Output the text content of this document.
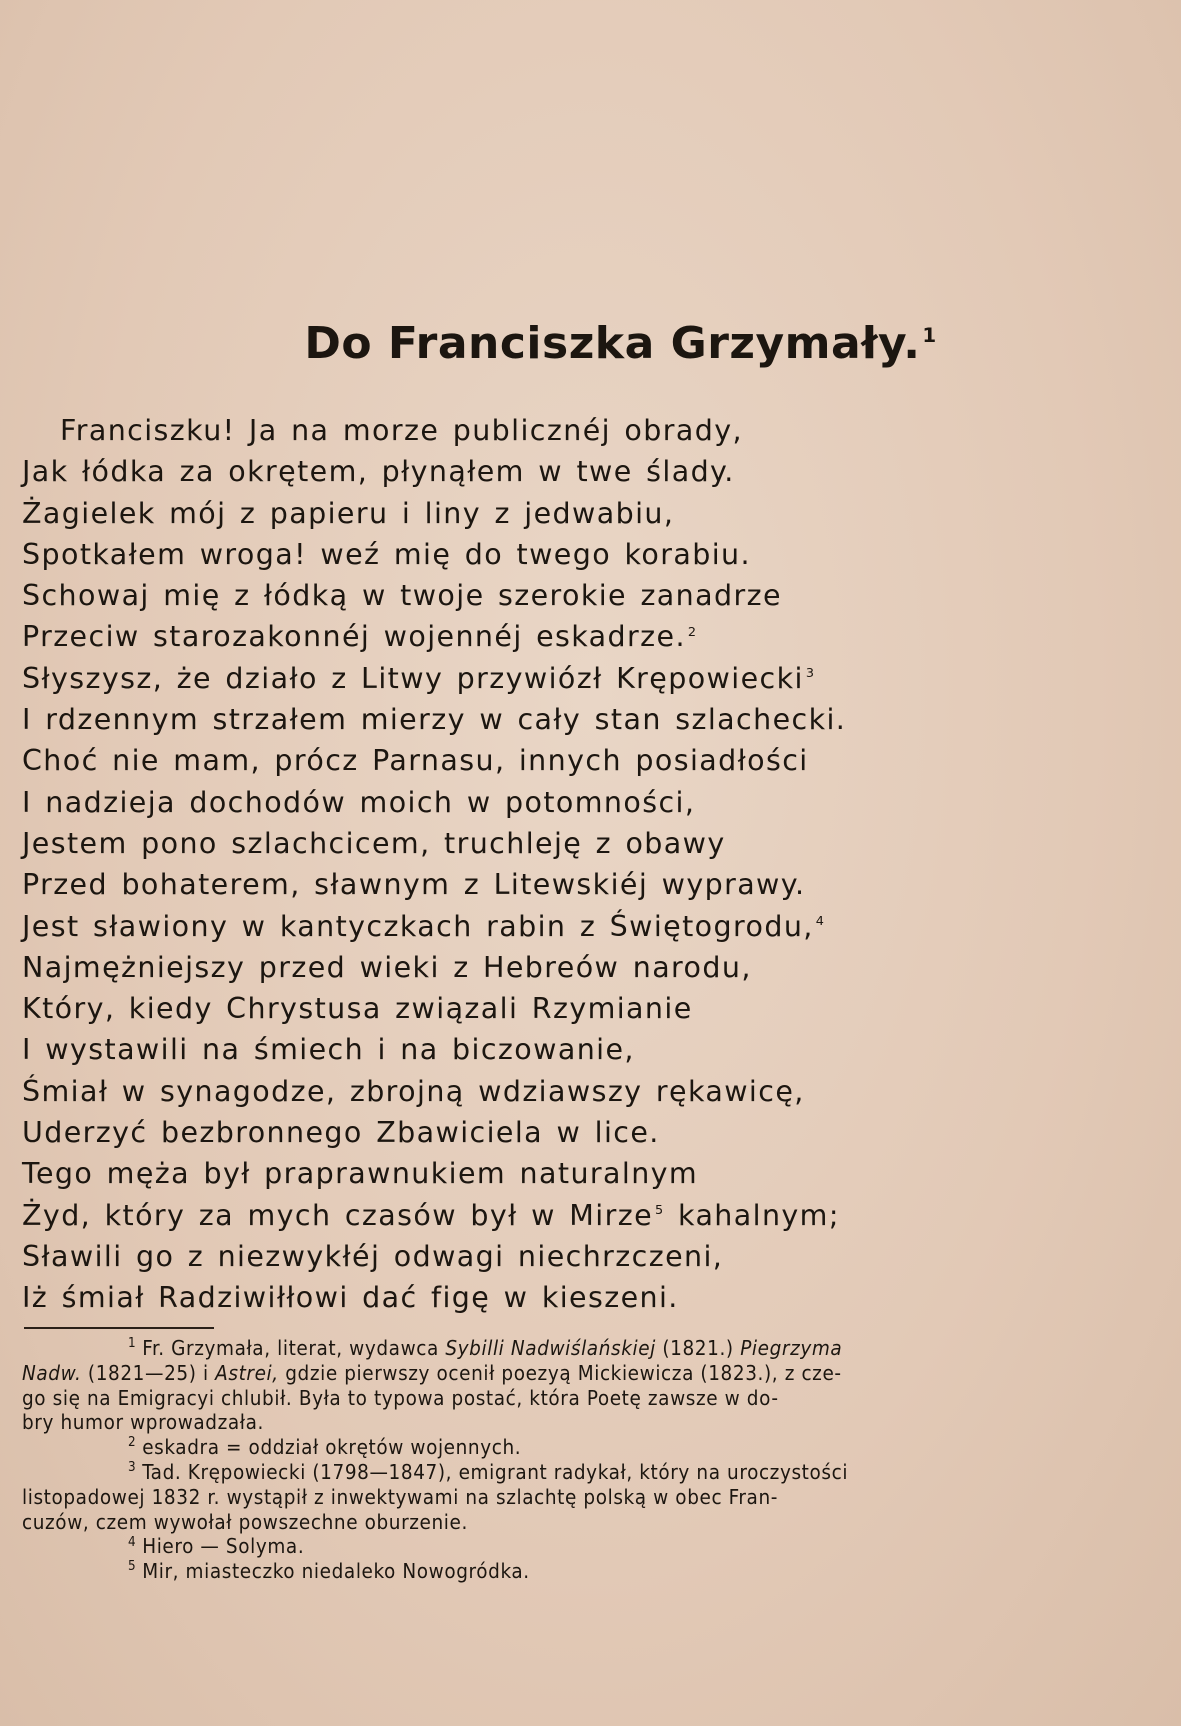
Do Franciszka Grzymały. $^1$
Franciszku! Ja na morze publicznéj obrady,
Jak łódka za okrętem, płynąłem w twe ślady.
Żagielek mój z papieru i liny z jedwabiu,
Spotkałem wroga! weź mię do twego korabiu.
Schowaj mię z łódką w twoje szerokie zanadrze
Przeciw starozakonnéj wojennéj eskadrze. $^2$
Słyszysz, że działo z Litwy przywiózł Krępowiecki $^3$
I rdzennym strzałem mierzy w cały stan szlachecki.
Choć nie mam, prócz Parnasu, innych posiadłości
I nadzieja dochodów moich w potomności,
Jestem pono szlachcicem, truchleję z obawy
Przed bohaterem, sławnym z Litewskiéj wyprawy.
Jest sławiony w kantyczkach rabin z Świętogrodu, $^4$
Najmężniejszy przed wieki z Hebreów narodu,
Który, kiedy Chrystusa związali Rzymianie
I wystawili na śmiech i na biczowanie,
Śmiał w synagodze, zbrojną wdziawszy rękawicę,
Uderzyć bezbronnego Zbawiciela w lice.
Tego męża był praprawnukiem naturalnym
Żyd, który za mych czasów był w Mirze $^5$ kahalnym;
Sławili go z niezwykłéj odwagi niechrzczeni,
Iż śmiał Radziwiłłowi dać figę w kieszeni.
$^1$ Fr. Grzymała, literat, wydawca Sybilli Nadwiślańskiej (1821.) Piegrzyma
Nadw. (1821—25) i Astrei, gdzie pierwszy ocenił poezyą Mickiewicza (1823.), z cze-
go się na Emigracyi chlubił. Była to typowa postać, która Poetę zawsze w do-
bry humor wprowadzała.
$^2$ eskadra = oddział okrętów wojennych.
$^3$ Tad. Krępowiecki (1798—1847), emigrant radykał, który na uroczystości
listopadowej 1832 r. wystąpił z inwektywami na szlachtę polską w obec Fran-
cuzów, czem wywołał powszechne oburzenie.
$^4$ Hiero — Solyma.
$^5$ Mir, miasteczko niedaleko Nowogródka.
